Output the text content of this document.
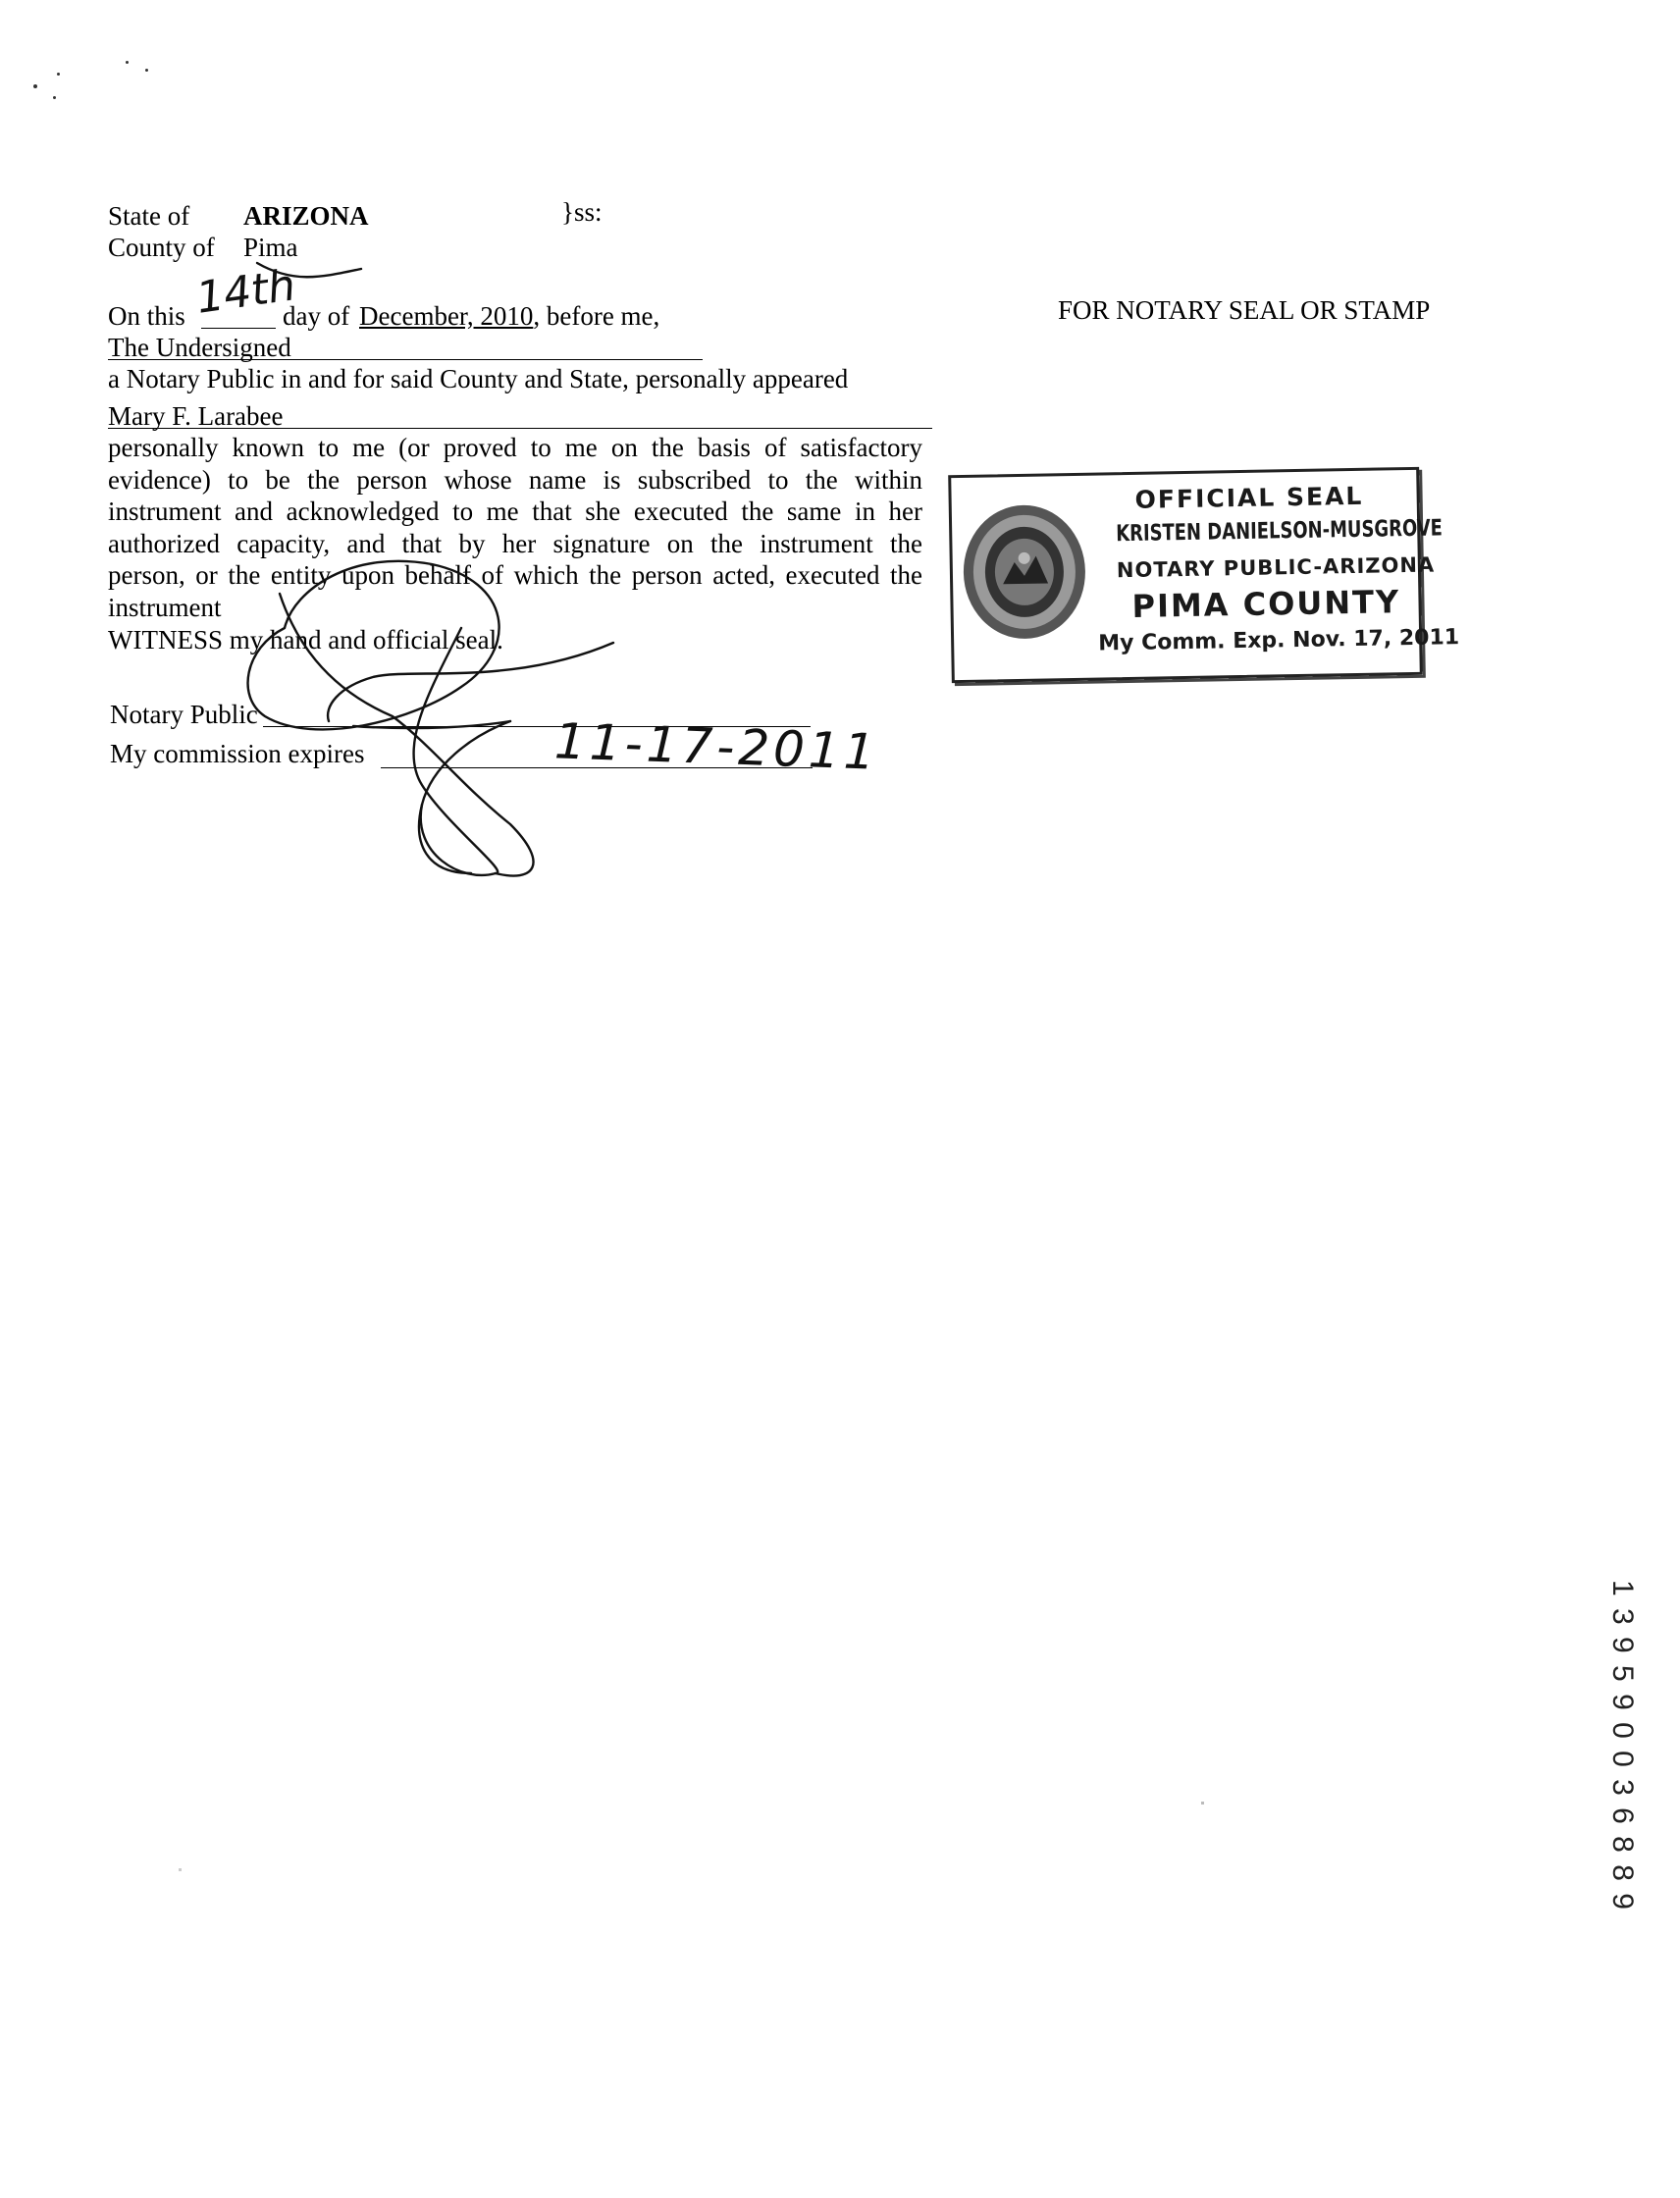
State of ARIZONA	}ss:
County of Pima
On this 14th
day of December, 2010, before me,	FOR NOTARY SEAL OR STAMP
The Undersigned
a Notary Public in and for said County and State, personally appeared
Mary F. Larabee
personally known to me (or proved to me on the basis of satisfactory
evidence) to be the person whose name is subscribed to the within
instrument and acknowledged to me that she executed the same in her
authorized capacity, and that by her signature on the instrument the
person, or the entity upon behalf of which the person acted, executed the
instrument
WITNESS my hand and official seal.
Notary Public
My commission expires	11-17-2011
OFFICIAL SEAL
KRISTEN DANIELSON-MUSGROVE
NOTARY PUBLIC-ARIZONA
PIMA COUNTY
My Comm. Exp. Nov. 17, 2011
1 3 9 5 9 0 0 3 6 8 8 9
